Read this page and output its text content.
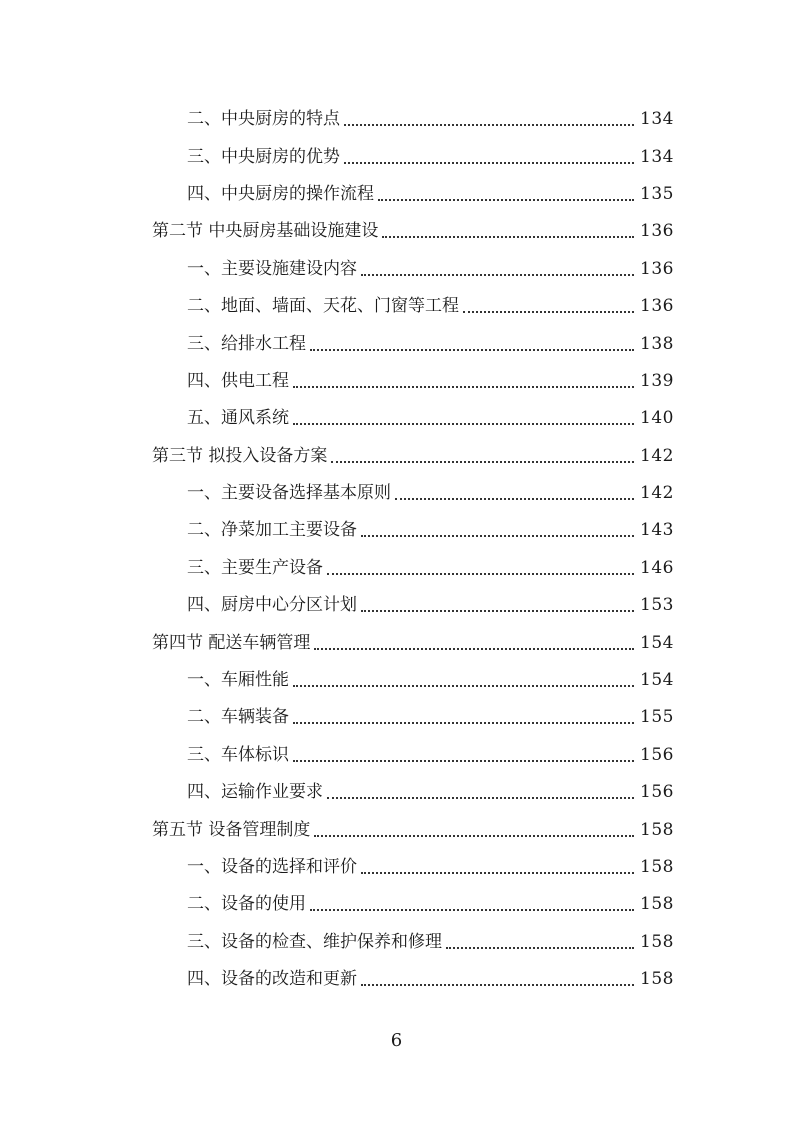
二、中央厨房的特点	134
三、中央厨房的优势	134
四、中央厨房的操作流程	135
第二节 中央厨房基础设施建设	136
一、主要设施建设内容	136
二、地面、墙面、天花、门窗等工程	136
三、给排水工程	138
四、供电工程	139
五、通风系统	140
第三节 拟投入设备方案	142
一、主要设备选择基本原则	142
二、净菜加工主要设备	143
三、主要生产设备	146
四、厨房中心分区计划	153
第四节 配送车辆管理	154
一、车厢性能	154
二、车辆装备	155
三、车体标识	156
四、运输作业要求	156
第五节 设备管理制度	158
一、设备的选择和评价	158
二、设备的使用	158
三、设备的检查、维护保养和修理	158
四、设备的改造和更新	158
6
